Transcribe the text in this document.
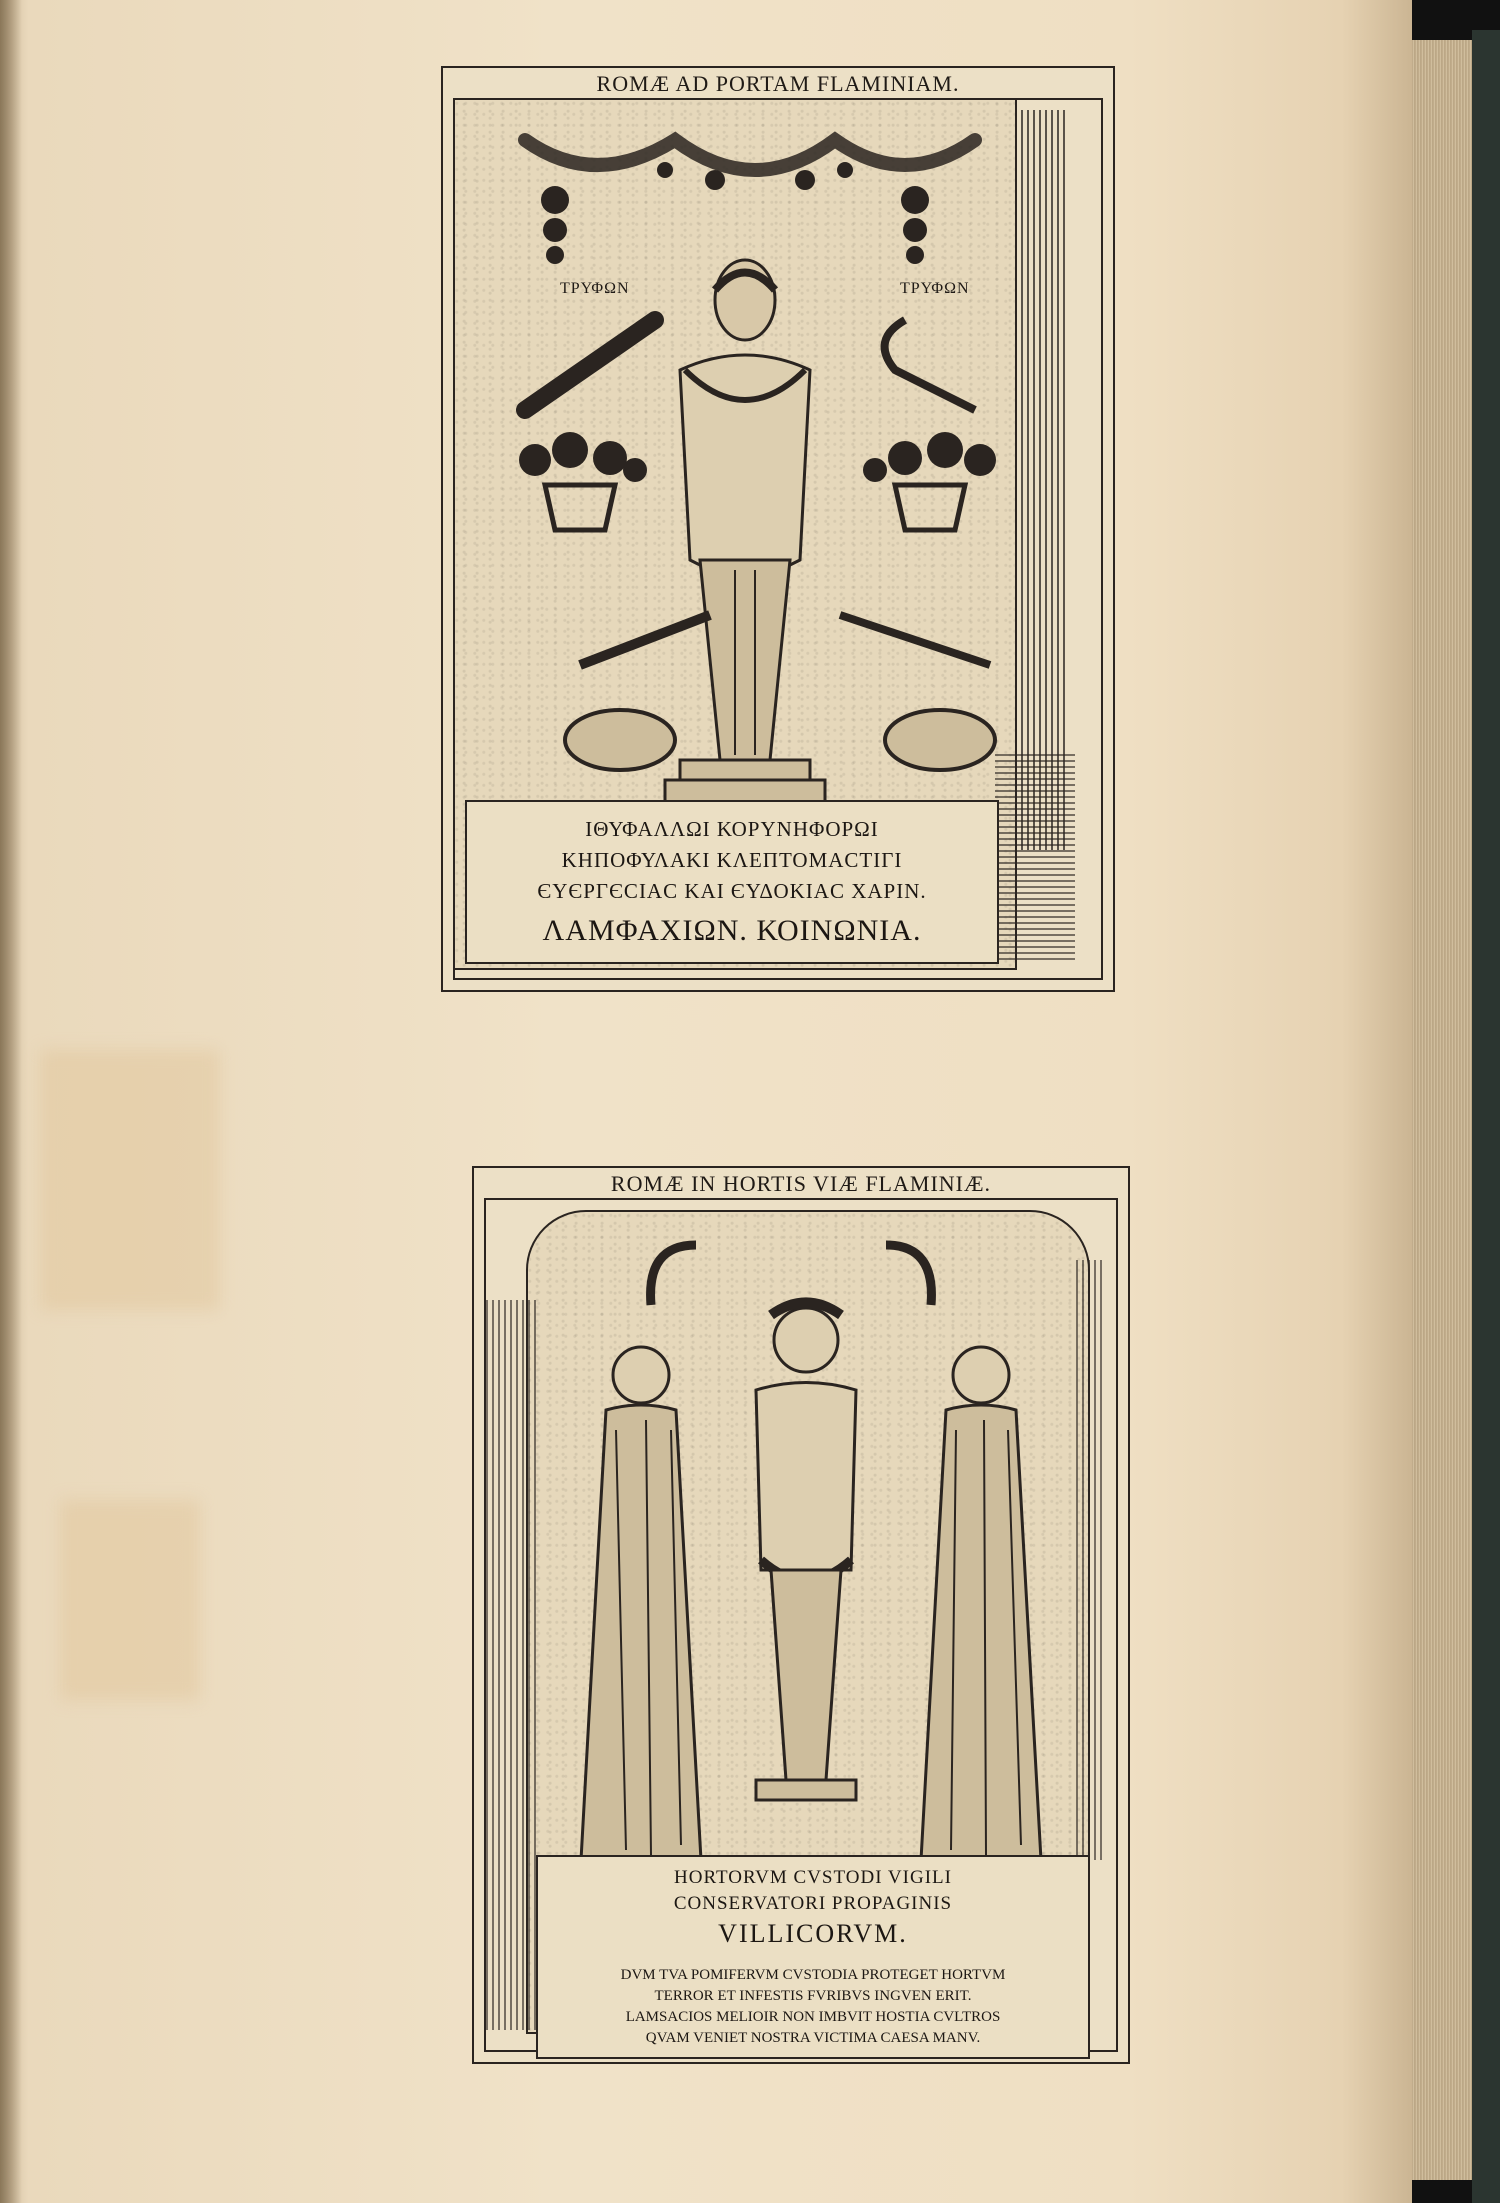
ROMÆ AD PORTAM FLAMINIAM.
ΤΡΥΦΩΝ	ΤΡΥΦΩΝ
ΙΘΥΦΑΛΛΩΙ ΚΟΡΥΝΗΦΟΡΩΙ
ΚΗΠΟΦΥΛΑΚΙ ΚΛΕΠΤΟΜΑСΤΙΓΙ
ЄΥЄΡΓЄСΙΑС ΚΑΙ ЄΥΔΟΚΙΑС ΧΑΡΙΝ.
ΛΑΜΦΑΧΙΩΝ. ΚΟΙΝΩΝΙΑ.
ROMÆ IN HORTIS VIÆ FLAMINIÆ.
HORTORVM CVSTODI VIGILI
CONSERVATORI PROPAGINIS
VILLICORVM.
DVM TVA POMIFERVM CVSTODIA PROTEGET HORTVM
TERROR ET INFESTIS FVRIBVS INGVEN ERIT.
LAMSACIOS MELIOIR NON IMBVIT HOSTIA CVLTROS
QVAM VENIET NOSTRA VICTIMA CAESA MANV.
